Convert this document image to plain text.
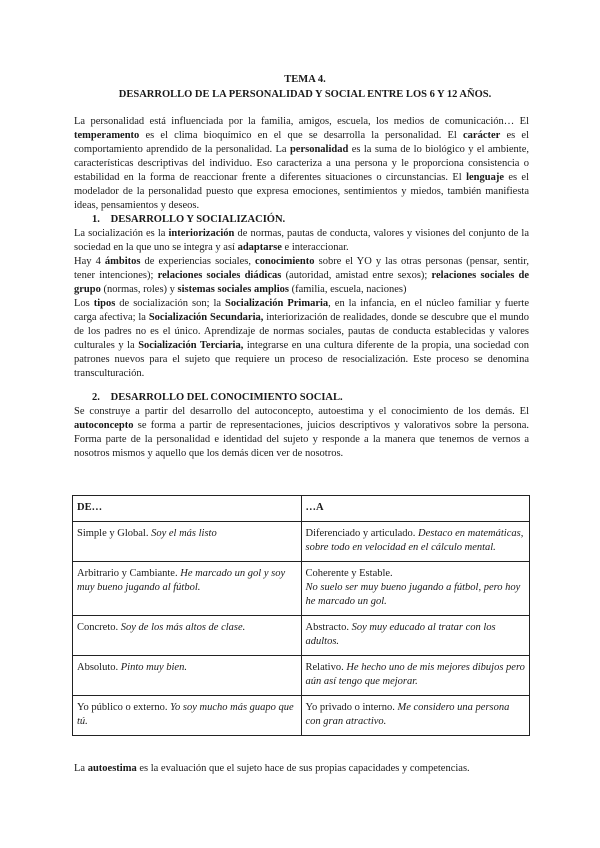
TEMA 4.
DESARROLLO DE LA PERSONALIDAD Y SOCIAL ENTRE LOS 6 Y 12 AÑOS.

La personalidad está influenciada por la familia, amigos, escuela, los medios de comunicación… El temperamento es el clima bioquímico en el que se desarrolla la personalidad. El carácter es el comportamiento aprendido de la personalidad. La personalidad es la suma de lo biológico y el ambiente, características descriptivas del individuo. Eso caracteriza a una persona y le proporciona consistencia o estabilidad en la forma de reaccionar frente a diferentes situaciones o circunstancias. El lenguaje es el modelador de la personalidad puesto que expresa emociones, sentimientos y miedos, también manifiesta ideas, pensamientos y deseos.

1. DESARROLLO Y SOCIALIZACIÓN.

La socialización es la interiorización de normas, pautas de conducta, valores y visiones del conjunto de la sociedad en la que uno se integra y así adaptarse e interaccionar.

Hay 4 ámbitos de experiencias sociales, conocimiento sobre el YO y las otras personas (pensar, sentir, tener intenciones); relaciones sociales diádicas (autoridad, amistad entre sexos); relaciones sociales de grupo (normas, roles) y sistemas sociales amplios (familia, escuela, naciones)

Los tipos de socialización son; la Socialización Primaria, en la infancia, en el núcleo familiar y fuerte carga afectiva; la Socialización Secundaria, interiorización de realidades, donde se descubre que el mundo de los padres no es el único. Aprendizaje de normas sociales, pautas de conducta establecidas y valores culturales y la Socialización Terciaria, integrarse en una cultura diferente de la propia, una sociedad con patrones nuevos para el sujeto que requiere un proceso de resocialización. Este proceso se denomina transculturación.

2. DESARROLLO DEL CONOCIMIENTO SOCIAL.

Se construye a partir del desarrollo del autoconcepto, autoestima y el conocimiento de los demás. El autoconcepto se forma a partir de representaciones, juicios descriptivos y valorativos sobre la persona. Forma parte de la personalidad e identidad del sujeto y responde a la manera que tenemos de vernos a nosotros mismos y aquello que los demás dicen ver de nosotros.

DE…	…A
Simple y Global. Soy el más listo	Diferenciado y articulado. Destaco en matemáticas, sobre todo en velocidad en el cálculo mental.
Arbitrario y Cambiante. He marcado un gol y soy muy bueno jugando al fútbol.	Coherente y Estable.
No suelo ser muy bueno jugando a fútbol, pero hoy he marcado un gol.
Concreto. Soy de los más altos de clase.	Abstracto. Soy muy educado al tratar con los adultos.
Absoluto. Pinto muy bien.	Relativo. He hecho uno de mis mejores dibujos pero aún así tengo que mejorar.
Yo público o externo. Yo soy mucho más guapo que tú.	Yo privado o interno. Me considero una persona con gran atractivo.

La autoestima es la evaluación que el sujeto hace de sus propias capacidades y competencias.
